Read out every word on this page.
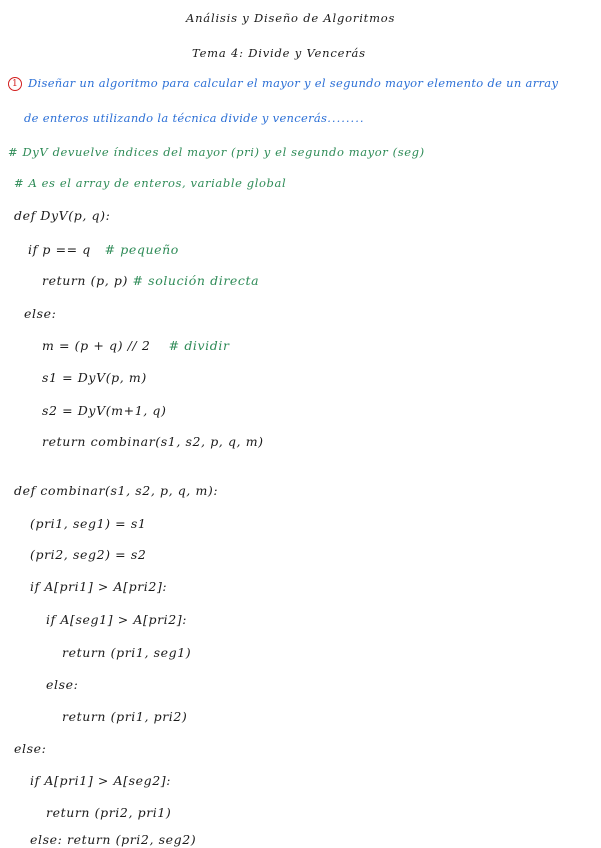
Análisis y Diseño de Algoritmos
Tema 4: Divide y Vencerás
1 Diseñar un algoritmo para calcular el mayor y el segundo mayor elemento de un array
de enteros utilizando la técnica divide y vencerás........
# DyV devuelve índices del mayor (pri) y el segundo mayor (seg)
# A es el array de enteros, variable global
def DyV(p, q):
if p == q # pequeño
return (p, p) # solución directa
else:
m = (p + q) // 2 # dividir
s1 = DyV(p, m)
s2 = DyV(m+1, q)
return combinar(s1, s2, p, q, m)
def combinar(s1, s2, p, q, m):
(pri1, seg1) = s1
(pri2, seg2) = s2
if A[pri1] > A[pri2]:
if A[seg1] > A[pri2]:
return (pri1, seg1)
else:
return (pri1, pri2)
else:
if A[pri1] > A[seg2]:
return (pri2, pri1)
else: return (pri2, seg2)
